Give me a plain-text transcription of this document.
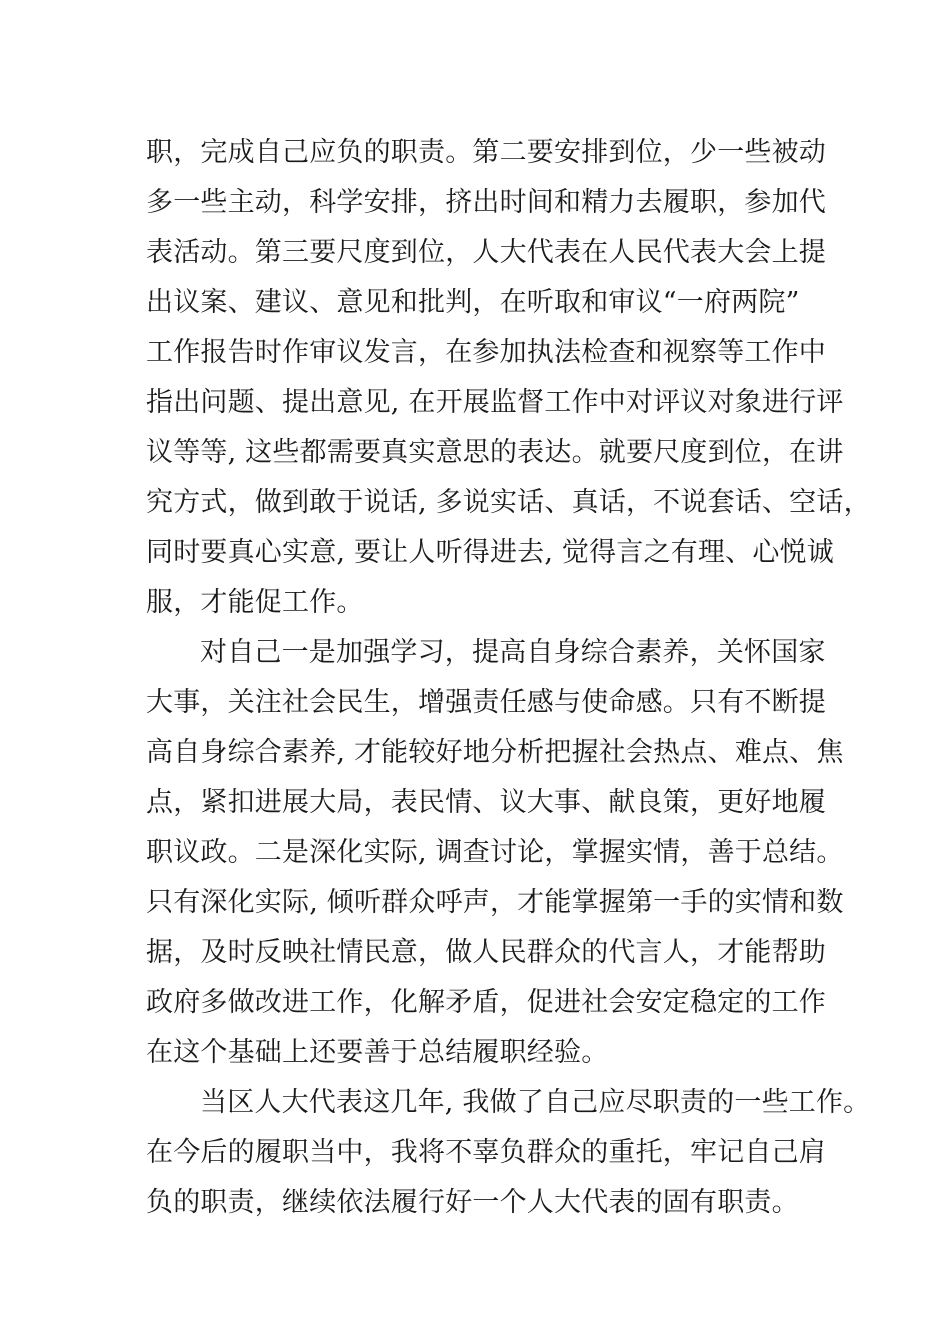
职，完成自己应负的职责。第二要安排到位，少一些被动
多一些主动，科学安排，挤出时间和精力去履职，参加代
表活动。第三要尺度到位，人大代表在人民代表大会上提
出议案、建议、意见和批判，在听取和审议“一府两院”
工作报告时作审议发言，在参加执法检查和视察等工作中
指出问题、提出意见, 在开展监督工作中对评议对象进行评
议等等, 这些都需要真实意思的表达。就要尺度到位，在讲
究方式，做到敢于说话, 多说实话、真话，不说套话、空话，
同时要真心实意, 要让人听得进去, 觉得言之有理、心悦诚
服，才能促工作。
对自己一是加强学习，提高自身综合素养，关怀国家
大事，关注社会民生，增强责任感与使命感。只有不断提
高自身综合素养, 才能较好地分析把握社会热点、难点、焦
点，紧扣进展大局，表民情、议大事、献良策，更好地履
职议政。二是深化实际, 调查讨论，掌握实情，善于总结。
只有深化实际, 倾听群众呼声，才能掌握第一手的实情和数
据，及时反映社情民意，做人民群众的代言人，才能帮助
政府多做改进工作，化解矛盾，促进社会安定稳定的工作
在这个基础上还要善于总结履职经验。
当区人大代表这几年, 我做了自己应尽职责的一些工作。
在今后的履职当中，我将不辜负群众的重托，牢记自己肩
负的职责，继续依法履行好一个人大代表的固有职责。
